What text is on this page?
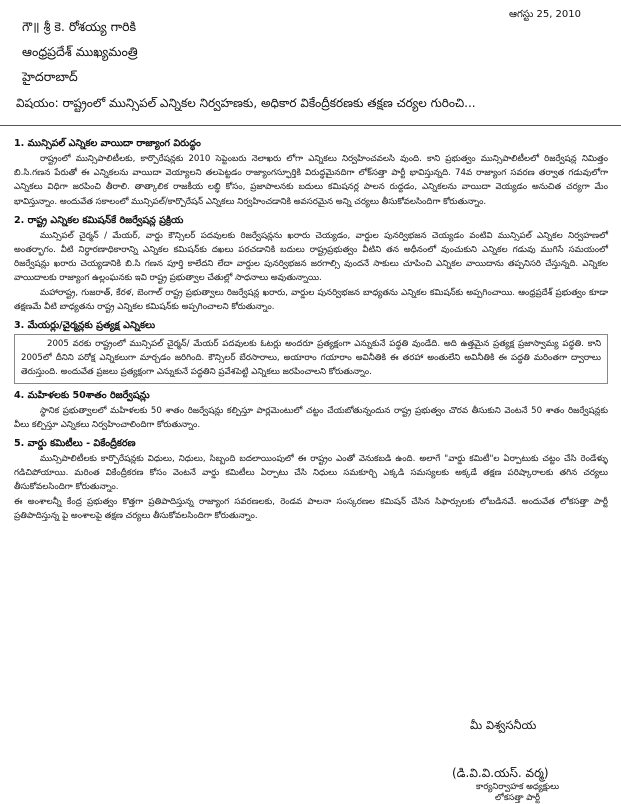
ఆగస్టు 25, 2010
గౌ॥ శ్రీ కె. రోశయ్య గారికి
ఆంధ్రప్రదేశ్ ముఖ్యమంత్రి
హైదరాబాద్
విషయం: రాష్ట్రంలో మున్సిపల్ ఎన్నికల నిర్వహణకు, అధికార వికేంద్రీకరణకు తక్షణ చర్యల గురించి...
1. మున్సిపల్ ఎన్నికల వాయిదా రాజ్యాంగ విరుద్ధం

రాష్ట్రంలో మున్సిపాలిటీలకు, కార్పొరేషన్లకు 2010 సెప్టెంబరు నెలాఖరు లోగా ఎన్నికలు నిర్వహించవలసి వుంది. కాని ప్రభుత్వం మున్సిపాలిటీలలో రిజర్వేషన్ల నిమిత్తం బి.సి.గణన పేరుతో ఈ ఎన్నికలను వాయిదా వెయ్యాలని తలపెట్టడం రాజ్యాంగస్ఫూర్తికి విరుద్ధమైనదిగా లోక్‌సత్తా పార్టీ భావిస్తున్నది. 74వ రాజ్యాంగ సవరణ తర్వాత గడువులోగా ఎన్నికలు విధిగా జరపించి తీరాలి. తాత్కాలిక రాజకీయ లబ్ధి కోసం, ప్రజాపాలనకు బదులు కమిషనర్ల పాలన రుద్దడం, ఎన్నికలను వాయిదా వెయ్యడం అనుచిత చర్యగా మేం భావిస్తున్నాం. అందువేత సకాలంలో మున్సిపల్/కార్పొరేషన్ ఎన్నికలు నిర్వహించడానికి అవసరమైన అన్ని చర్యలు తీసుకోవలసిందిగా కోరుతున్నాం.

2. రాష్ట్ర ఎన్నికల కమిషన్‌కే రిజర్వేషన్ల ప్రక్రియ

మున్సిపల్ చైర్మన్ / మేయర్, వార్డు కౌన్సిలర్ పదవులకు రిజర్వేషన్లను ఖరారు చెయ్యడం, వార్డుల పునర్విభజన చెయ్యడం వంటివి మున్సిపల్ ఎన్నికల నిర్వహణలో అంతర్భాగం. వీటి నిర్ధారణాధికారాన్ని ఎన్నికల కమిషన్‌కు దఖలు పరచడానికి బదులు రాష్ట్రప్రభుత్వం వీటిని తన అధీనంలో వుంచుకుని ఎన్నికల గడువు ముగిసే సమయంలో రిజర్వేషన్లు ఖరారు చెయ్యడానికి బి.సి గణన పూర్తి కాలేదని లేదా వార్డుల పునర్విభజన జరగాల్సి వుందనే సాకులు చూపించి ఎన్నికల వాయిదాను తప్పనిసరి చేస్తున్నది. ఎన్నికల వాయిదాలకు రాజ్యాంగ ఉల్లంఘనకు ఇవి రాష్ట్ర ప్రభుత్వాల చేతుల్లో సాధనాలు అవుతున్నాయి.

మహారాష్ట్ర, గుజరాత్, కేరళ, బెంగాల్ రాష్ట్ర ప్రభుత్వాలు రిజర్వేషన్ల ఖరారు, వార్డుల పునర్విభజన బాధ్యతను ఎన్నికల కమిషన్‌కు అప్పగించాయి. ఆంధ్రప్రదేశ్ ప్రభుత్వం కూడా తక్షణమే వీటి బాధ్యతను రాష్ట్ర ఎన్నికల కమిషన్‌కు అప్పగించాలని కోరుతున్నాం.

3. మేయర్లు/చైర్మన్లకు ప్రత్యక్ష ఎన్నికలు

2005 వరకు రాష్ట్రంలో మున్సిపల్ చైర్మన్/ మేయర్ పదవులకు ఓటర్లు అందరూ ప్రత్యక్షంగా ఎన్నుకునే పద్ధతి వుండేది. అది ఉత్తమైన ప్రత్యక్ష ప్రజాస్వామ్య పద్ధతి. కాని 2005లో దీనిని పరోక్ష ఎన్నికలుగా మార్చడం జరిగింది. కౌన్సిలర్ బేరసారాలు, అయారాం గయారాం అవినీతికి ఈ తరహా అంతులేని అవినీతికి ఈ పద్ధతి మరింతగా ద్వారాలు తెరుస్తుంది. అందువేత ప్రజలు ప్రత్యక్షంగా ఎన్నుకునే పద్ధతిని ప్రవేశపెట్టి ఎన్నికలు జరపించాలని కోరుతున్నాం.

4. మహిళలకు 50శాతం రిజర్వేషన్లు

స్థానిక ప్రభుత్వాలలో మహిళలకు 50 శాతం రిజర్వేషన్లు కల్పిస్తూ పార్లమెంటులో చట్టం చేయబోతున్నందున రాష్ట్ర ప్రభుత్వం చొరవ తీసుకుని వెంటనే 50 శాతం రిజర్వేషన్లకు వీలు కల్పిస్తూ ఎన్నికలు నిర్వహించాలిందిగా కోరుతున్నాం.

5. వార్డు కమిటీలు - వికేంద్రీకరణ

మున్సిపాలిటీలకు కార్పొరేషన్లకు విధులు, నిధులు, సిబ్బంది బదలాయింపులో ఈ రాష్ట్రం ఎంతో వెనుకబడి ఉంది. అలాగే "వార్డు కమిటీ"ల ఏర్పాటుకు చట్టం చేసి రెండేళ్ళు గడిచిపోయాయి. మరింత వికేంద్రీకరణ కోసం వెంటనే వార్డు కమిటీలు ఏర్పాటు చేసి నిధులు సమకూర్చి ఎక్కడి సమస్యలకు అక్కడే తక్షణ పరిష్కారాలకు తగిన చర్యలు తీసుకోవలసిందిగా కోరుతున్నాం.

ఈ అంశాలన్నీ కేంద్ర ప్రభుత్వం కొత్తగా ప్రతిపాదిస్తున్న రాజ్యాంగ సవరణలకు, రెండవ పాలనా సంస్కరణల కమిషన్ చేసిన సిఫార్సులకు లోబడినవే. అందువేత లోకసత్తా పార్టీ ప్రతిపాదిస్తున్న పై అంశాలపై తక్షణ చర్యలు తీసుకోవలసిందిగా కోరుతున్నాం.

మీ విశ్వసనీయ
(డి.వి.వి.యస్. వర్మ)
కార్యనిర్వాహక అధ్యక్షులు
లోకసత్తా పార్టీ
